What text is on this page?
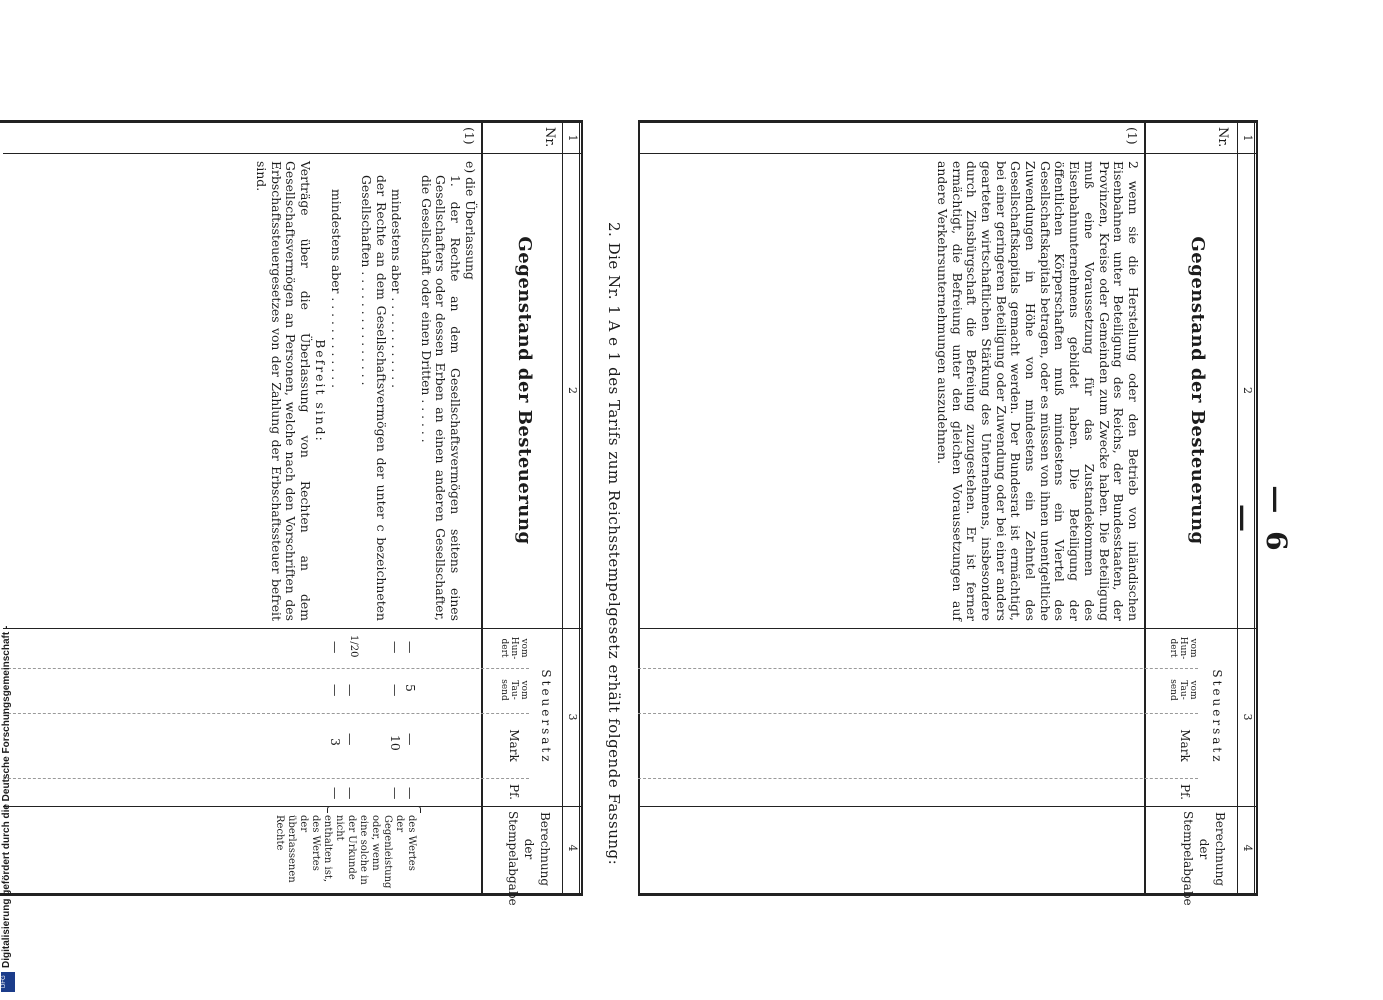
— 6 —
1
2
3
4
Nr.
Gegenstand der Besteuerung
Steuersatz
vom Hun- dert
vom Tau- send
Mark
Pf.
Berechnung der Stempelabgabe
(1)
2 wenn sie die Herstellung oder den Betrieb von inländischen Eisenbahnen unter Beteiligung des Reichs, der Bundesstaaten, der Provinzen, Kreise oder Gemeinden zum Zwecke haben. Die Beteiligung muß eine Voraussetzung für das Zustandekommen des Eisenbahnunternehmens gebildet haben. Die Beteiligung der öffentlichen Körperschaften muß mindestens ein Viertel des Gesellschaftskapitals betragen, oder es müssen von ihnen unentgeltliche Zuwendungen in Höhe von mindestens ein Zehntel des Gesellschaftskapitals gemacht werden. Der Bundesrat ist ermächtigt, bei einer geringeren Beteiligung oder Zuwendung oder bei einer anders gearteten wirtschaftlichen Stärkung des Unternehmens, insbesondere durch Zinsbürgschaft die Befreiung zuzugestehen. Er ist ferner ermächtigt, die Befreiung unter den gleichen Voraussetzungen auf andere Verkehrsunternehmungen auszudehnen.
2. Die Nr. 1 A e 1 des Tarifs zum Reichsstempelgesetz erhält folgende Fassung:
1
2
3
4
Nr.
Gegenstand der Besteuerung
Steuersatz
vom Hun- dert
vom Tau- send
Mark
Pf.
Berechnung der Stempelabgabe
(1)
e) die Überlassung
1. der Rechte an dem Gesellschaftsvermögen seitens eines Gesellschafters oder dessen Erben an einen anderen Gesellschafter, die Gesellschaft oder einen Dritten . . . . . .
mindestens aber . . . . . . . . . . . .
der Rechte an dem Gesellschaftsvermögen der unter c bezeichneten Gesellschaften . . . . . . . . . . . . . . .
mindestens aber . . . . . . . . . . . .
Befreit sind:
Verträge über die Überlassung von Rechten an dem Gesellschaftsvermögen an Personen, welche nach den Vorschriften des Erbschaftssteuergesetzes von der Zahlung der Erbschaftssteuer befreit sind.
—
5
—
—
—
—
10
—
1/20
—
—
—
—
—
3
—
des Wertes der Gegenleistung oder, wenn eine solche in der Urkunde nicht enthalten ist, des Wertes der überlassenen Rechte
DFG
Digitalisierung gefördert durch die Deutsche Forschungsgemeinschaft -
